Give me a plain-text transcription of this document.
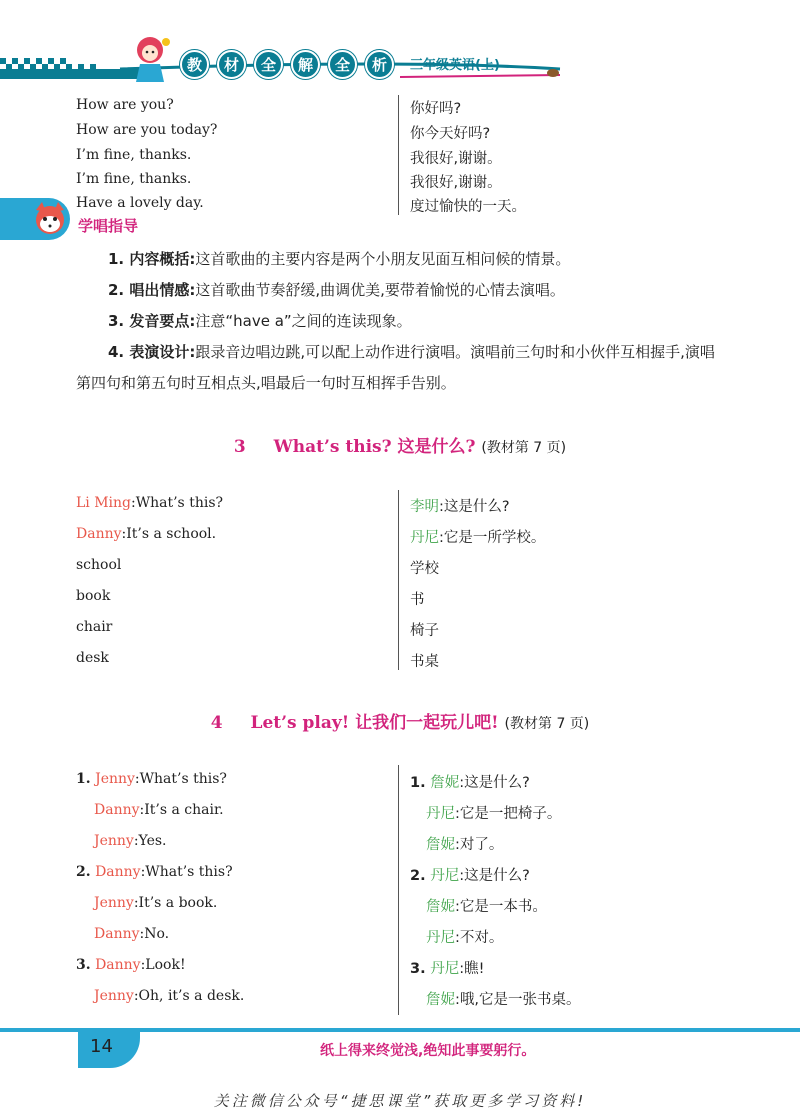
教	材	全	解	全	析	三年级英语(上)
How are you?	你好吗?
How are you today?	你今天好吗?
I’m fine, thanks.	我很好,谢谢。
I’m fine, thanks.	我很好,谢谢。
Have a lovely day.	度过愉快的一天。
学唱指导
1. 内容概括:这首歌曲的主要内容是两个小朋友见面互相问候的情景。
2. 唱出情感:这首歌曲节奏舒缓,曲调优美,要带着愉悦的心情去演唱。
3. 发音要点:注意“have a”之间的连读现象。
4. 表演设计:跟录音边唱边跳,可以配上动作进行演唱。演唱前三句时和小伙伴互相握手,演唱第四句和第五句时互相点头,唱最后一句时互相挥手告别。
3 What’s this? 这是什么? (教材第 7 页)
Li Ming:What’s this?	李明:这是什么?
Danny:It’s a school.	丹尼:它是一所学校。
school	学校
book	书
chair	椅子
desk	书桌
4 Let’s play! 让我们一起玩儿吧! (教材第 7 页)
1. Jenny:What’s this?	1. 詹妮:这是什么?
Danny:It’s a chair.	丹尼:它是一把椅子。
Jenny:Yes.	詹妮:对了。
2. Danny:What’s this?	2. 丹尼:这是什么?
Jenny:It’s a book.	詹妮:它是一本书。
Danny:No.	丹尼:不对。
3. Danny:Look!	3. 丹尼:瞧!
Jenny:Oh, it’s a desk.	詹妮:哦,它是一张书桌。
14	纸上得来终觉浅,绝知此事要躬行。
关注微信公众号“捷思课堂”获取更多学习资料!
